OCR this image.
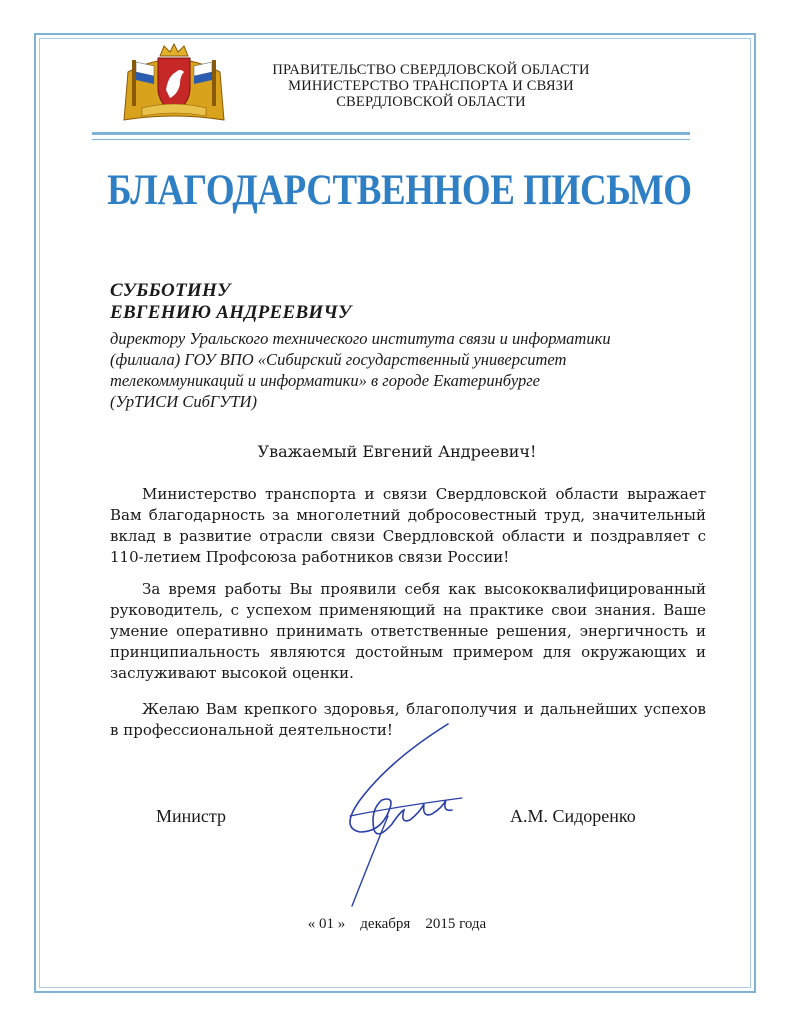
ПРАВИТЕЛЬСТВО СВЕРДЛОВСКОЙ ОБЛАСТИ
МИНИСТЕРСТВО ТРАНСПОРТА И СВЯЗИ
СВЕРДЛОВСКОЙ ОБЛАСТИ
БЛАГОДАРСТВЕННОЕ ПИСЬМО
СУББОТИНУ
ЕВГЕНИЮ АНДРЕЕВИЧУ
директору Уральского технического института связи и информатики
(филиала) ГОУ ВПО «Сибирский государственный университет
телекоммуникаций и информатики» в городе Екатеринбурге
(УрТИСИ СибГУТИ)
Уважаемый Евгений Андреевич!
Министерство транспорта и связи Свердловской области выражает
Вам благодарность за многолетний добросовестный труд, значительный
вклад в развитие отрасли связи Свердловской области и поздравляет с
110-летием Профсоюза работников связи России!
За время работы Вы проявили себя как высококвалифицированный
руководитель, с успехом применяющий на практике свои знания. Ваше
умение оперативно принимать ответственные решения, энергичность и
принципиальность являются достойным примером для окружающих и
заслуживают высокой оценки.
Желаю Вам крепкого здоровья, благополучия и дальнейших успехов
в профессиональной деятельности!
Министр	А.М. Сидоренко
« 01 » декабря 2015 года
